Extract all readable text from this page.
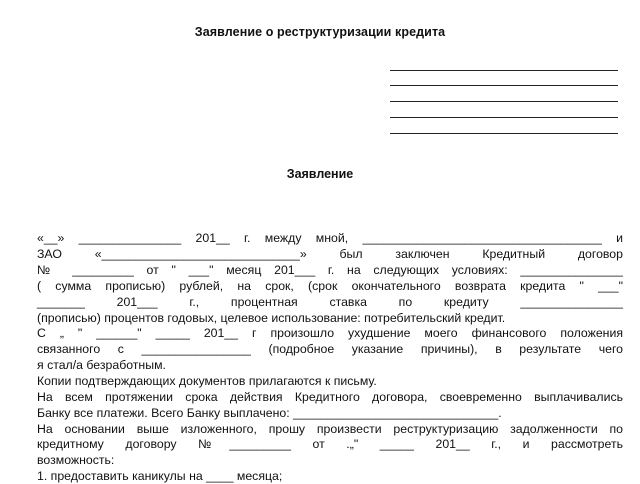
Заявление о реструктуризации кредита
Заявление
«__» _______________ 201__ г. между мной, ___________________________________ и
ЗАО «_____________________________» был заключен Кредитный договор
№ _________ от " ___" месяц 201___ г. на следующих условиях: _______________
( сумма прописью) рублей, на срок, (срок окончательного возврата кредита " ___"
_______ 201___ г., процентная ставка по кредиту _______________
(прописью) процентов годовых, целевое использование: потребительский кредит.
С „ " ______" _____ 201__ г произошло ухудшение моего финансового положения
связанного с ________________ (подробное указание причины), в результате чего
я стал/а безработным.
Копии подтверждающих документов прилагаются к письму.
На всем протяжении срока действия Кредитного договора, своевременно выплачивались
Банку все платежи. Всего Банку выплачено: ______________________________.
На основании выше изложенного, прошу произвести реструктуризацию задолженности по
кредитному договору №_________ от .„" _____ 201__ г., и рассмотреть
возможность:
1. предоставить каникулы на ____ месяца;
